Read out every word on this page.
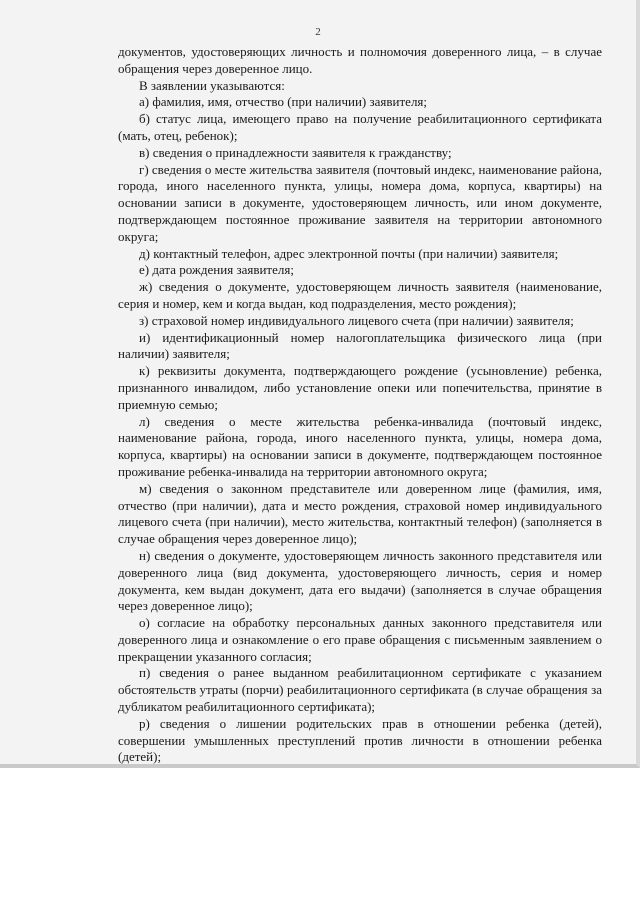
2

документов, удостоверяющих личность и полномочия доверенного лица, – в случае обращения через доверенное лицо.

В заявлении указываются:

а) фамилия, имя, отчество (при наличии) заявителя;

б) статус лица, имеющего право на получение реабилитационного сертификата (мать, отец, ребенок);

в) сведения о принадлежности заявителя к гражданству;

г) сведения о месте жительства заявителя (почтовый индекс, наименование района, города, иного населенного пункта, улицы, номера дома, корпуса, квартиры) на основании записи в документе, удостоверяющем личность, или ином документе, подтверждающем постоянное проживание заявителя на территории автономного округа;

д) контактный телефон, адрес электронной почты (при наличии) заявителя;

е) дата рождения заявителя;

ж) сведения о документе, удостоверяющем личность заявителя (наименование, серия и номер, кем и когда выдан, код подразделения, место рождения);

з) страховой номер индивидуального лицевого счета (при наличии) заявителя;

и) идентификационный номер налогоплательщика физического лица (при наличии) заявителя;

к) реквизиты документа, подтверждающего рождение (усыновление) ребенка, признанного инвалидом, либо установление опеки или попечительства, принятие в приемную семью;

л) сведения о месте жительства ребенка-инвалида (почтовый индекс, наименование района, города, иного населенного пункта, улицы, номера дома, корпуса, квартиры) на основании записи в документе, подтверждающем постоянное проживание ребенка-инвалида на территории автономного округа;

м) сведения о законном представителе или доверенном лице (фамилия, имя, отчество (при наличии), дата и место рождения, страховой номер индивидуального лицевого счета (при наличии), место жительства, контактный телефон) (заполняется в случае обращения через доверенное лицо);

н) сведения о документе, удостоверяющем личность законного представителя или доверенного лица (вид документа, удостоверяющего личность, серия и номер документа, кем выдан документ, дата его выдачи) (заполняется в случае обращения через доверенное лицо);

о) согласие на обработку персональных данных законного представителя или доверенного лица и ознакомление о его праве обращения с письменным заявлением о прекращении указанного согласия;

п) сведения о ранее выданном реабилитационном сертификате с указанием обстоятельств утраты (порчи) реабилитационного сертификата (в случае обращения за дубликатом реабилитационного сертификата);

р) сведения о лишении родительских прав в отношении ребенка (детей), совершении умышленных преступлений против личности в отношении ребенка (детей);
